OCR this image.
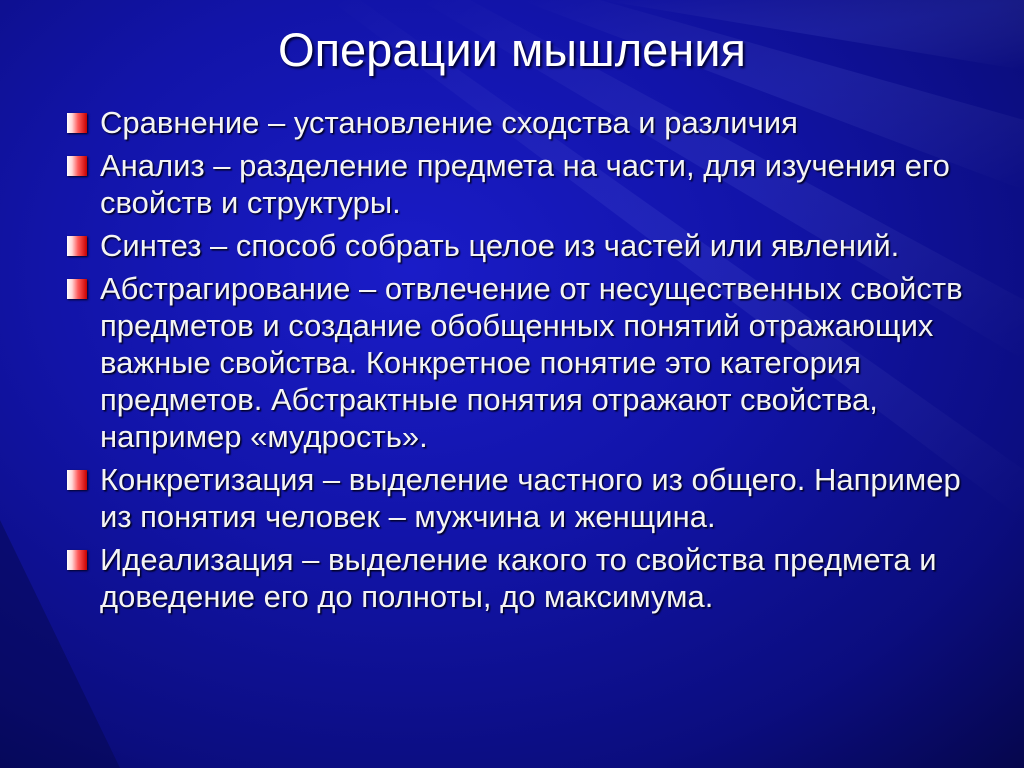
Операции мышления
Сравнение – установление сходства и различия
Анализ – разделение предмета на части, для изучения его свойств и структуры.
Синтез – способ собрать целое из частей или явлений.
Абстрагирование – отвлечение от несущественных свойств предметов и создание обобщенных понятий отражающих важные свойства. Конкретное понятие это категория предметов. Абстрактные понятия отражают свойства, например «мудрость».
Конкретизация – выделение частного из общего. Например из понятия человек – мужчина и женщина.
Идеализация – выделение какого то свойства предмета и доведение его до полноты, до максимума.
